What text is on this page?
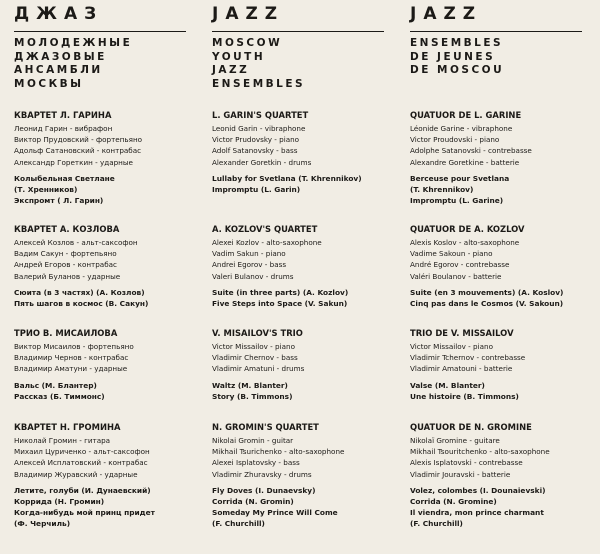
ДЖАЗ
МОЛОДЕЖНЫЕ
ДЖАЗОВЫЕ
АНСАМБЛИ
МОСКВЫ
КВАРТЕТ Л. ГАРИНА
Леонид Гарин - вибрафон
Виктор Прудовский - фортепьяно
Адольф Сатановский - контрабас
Александр Горeткин - ударные
Колыбельная Светлане
(Т. Хренников)
Экспромт ( Л. Гарин)
КВАРТЕТ А. КОЗЛОВА
Алексей Козлов - альт-саксофон
Вадим Сакун - фортепьяно
Андрей Егоров - контрабас
Валерий Буланов - ударные
Сюита (в 3 частях) (А. Козлов)
Пять шагов в космос (В. Сакун)
ТРИО В. МИСАИЛОВА
Виктор Мисаилов - фортепьяно
Владимир Чернов - контрабас
Владимир Аматуни - ударные
Вальс (М. Блантер)
Рассказ (Б. Тиммонс)
КВАРТЕТ Н. ГРОМИНА
Николай Громин - гитара
Михаил Цуриченко - альт-саксофон
Алексей Исплатовский - контрабас
Владимир Журавский - ударные
Летите, голуби (И. Дунаевский)
Коррида (Н. Громин)
Когда-нибудь мой принц придет
(Ф. Черчиль)
JAZZ
MOSCOW
YOUTH
JAZZ
ENSEMBLES
L. GARIN'S QUARTET
Leonid Garin - vibraphone
Victor Prudovsky - piano
Adolf Satanovsky - bass
Alexander Goretkin - drums
Lullaby for Svetlana (T. Khrennikov)
Impromptu (L. Garin)
A. KOZLOV'S QUARTET
Alexei Kozlov - alto-saxophone
Vadim Sakun - piano
Andrei Egorov - bass
Valeri Bulanov - drums
Suite (in three parts) (A. Kozlov)
Five Steps into Space (V. Sakun)
V. MISAILOV'S TRIO
Victor Missailov - piano
Vladimir Chernov - bass
Vladimir Amatuni - drums
Waltz (M. Blanter)
Story (B. Timmons)
N. GROMIN'S QUARTET
Nikolai Gromin - guitar
Mikhail Tsurichenko - alto-saxophone
Alexei Isplatovsky - bass
Vladimir Zhuravsky - drums
Fly Doves (I. Dunaevsky)
Corrida (N. Gromin)
Someday My Prince Will Come
(F. Churchill)
JAZZ
ENSEMBLES
DE JEUNES
DE MOSCOU
QUATUOR DE L. GARINE
Léonide Garine - vibraphone
Victor Proudovski - piano
Adolphe Satanovski - contrebasse
Alexandre Goretkine - batterie
Berceuse pour Svetlana
(T. Khrennikov)
Impromptu (L. Garine)
QUATUOR DE A. KOZLOV
Alexis Koslov - alto-saxophone
Vadime Sakoun - piano
André Egorov - contrebasse
Valéri Boulanov - batterie
Suite (en 3 mouvements) (A. Koslov)
Cinq pas dans le Cosmos (V. Sakoun)
TRIO DE V. MISSAILOV
Victor Missailov - piano
Vladimir Tchernov - contrebasse
Vladimir Amatouni - batterie
Valse (M. Blanter)
Une histoire (B. Timmons)
QUATUOR DE N. GROMINE
Nikolaï Gromine - guitare
Mikhail Tsouritchenko - alto-saxophone
Alexis Isplatovski - contrebasse
Vladimir Jouravski - batterie
Volez, colombes (I. Dounaievski)
Corrida (N. Gromine)
Il viendra, mon prince charmant
(F. Churchill)
